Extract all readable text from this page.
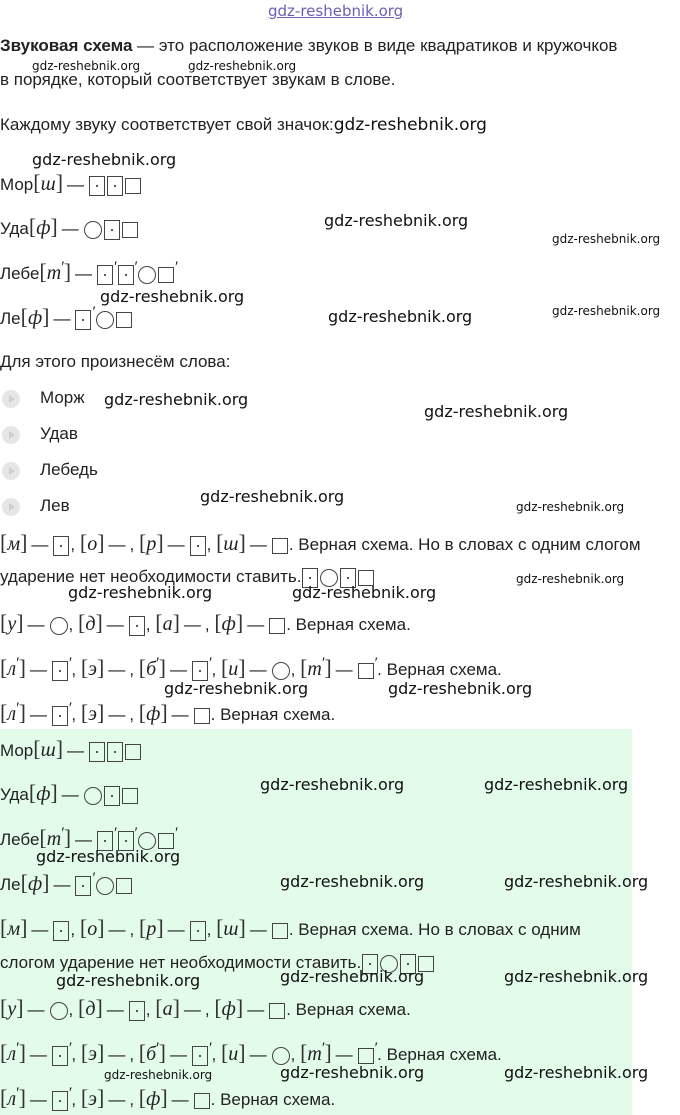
gdz-reshebnik.org
Звуковая схема — это расположение звуков в виде квадратиков и кружочков
gdz-reshebnik.org	gdz-reshebnik.org
в порядке, который соответствует звукам в слове.
Каждому звуку соответствует свой значок:gdz-reshebnik.org
gdz-reshebnik.org
Мор[ш] —
Уда[ф] —	gdz-reshebnik.org
gdz-reshebnik.org
Лебе[т′] — ′ ′ ′
gdz-reshebnik.org
Ле[ф] — ′	gdz-reshebnik.org	gdz-reshebnik.org
Для этого произнесём слова:
Морж gdz-reshebnik.org
gdz-reshebnik.org
Удав
Лебедь
Лев	gdz-reshebnik.org
gdz-reshebnik.org
[м] — , [о] — , [р] — , [ш] — . Верная схема. Но в словах с одним слогом
ударение нет необходимости ставить.	gdz-reshebnik.org
gdz-reshebnik.org	gdz-reshebnik.org
[у] — , [д] — , [а] — , [ф] — . Верная схема.
[л′] — ′, [э] — , [б′] — ′, [и] — , [т′] — ′. Верная схема.
gdz-reshebnik.org	gdz-reshebnik.org
[л′] — ′, [э] — , [ф] — . Верная схема.
Мор[ш] —
Уда[ф] —
gdz-reshebnik.org	gdz-reshebnik.org
Лебе[т′] — ′ ′ ′
gdz-reshebnik.org
Ле[ф] — ′	gdz-reshebnik.org	gdz-reshebnik.org
[м] — , [о] — , [р] — , [ш] — . Верная схема. Но в словах с одним
слогом ударение нет необходимости ставить.
gdz-reshebnik.org	gdz-reshebnik.org
gdz-reshebnik.org
[у] — , [д] — , [а] — , [ф] — . Верная схема.
[л′] — ′, [э] — , [б′] — ′, [и] — , [т′] — ′. Верная схема.
gdz-reshebnik.org	gdz-reshebnik.org	gdz-reshebnik.org
[л′] — ′, [э] — , [ф] — . Верная схема.
